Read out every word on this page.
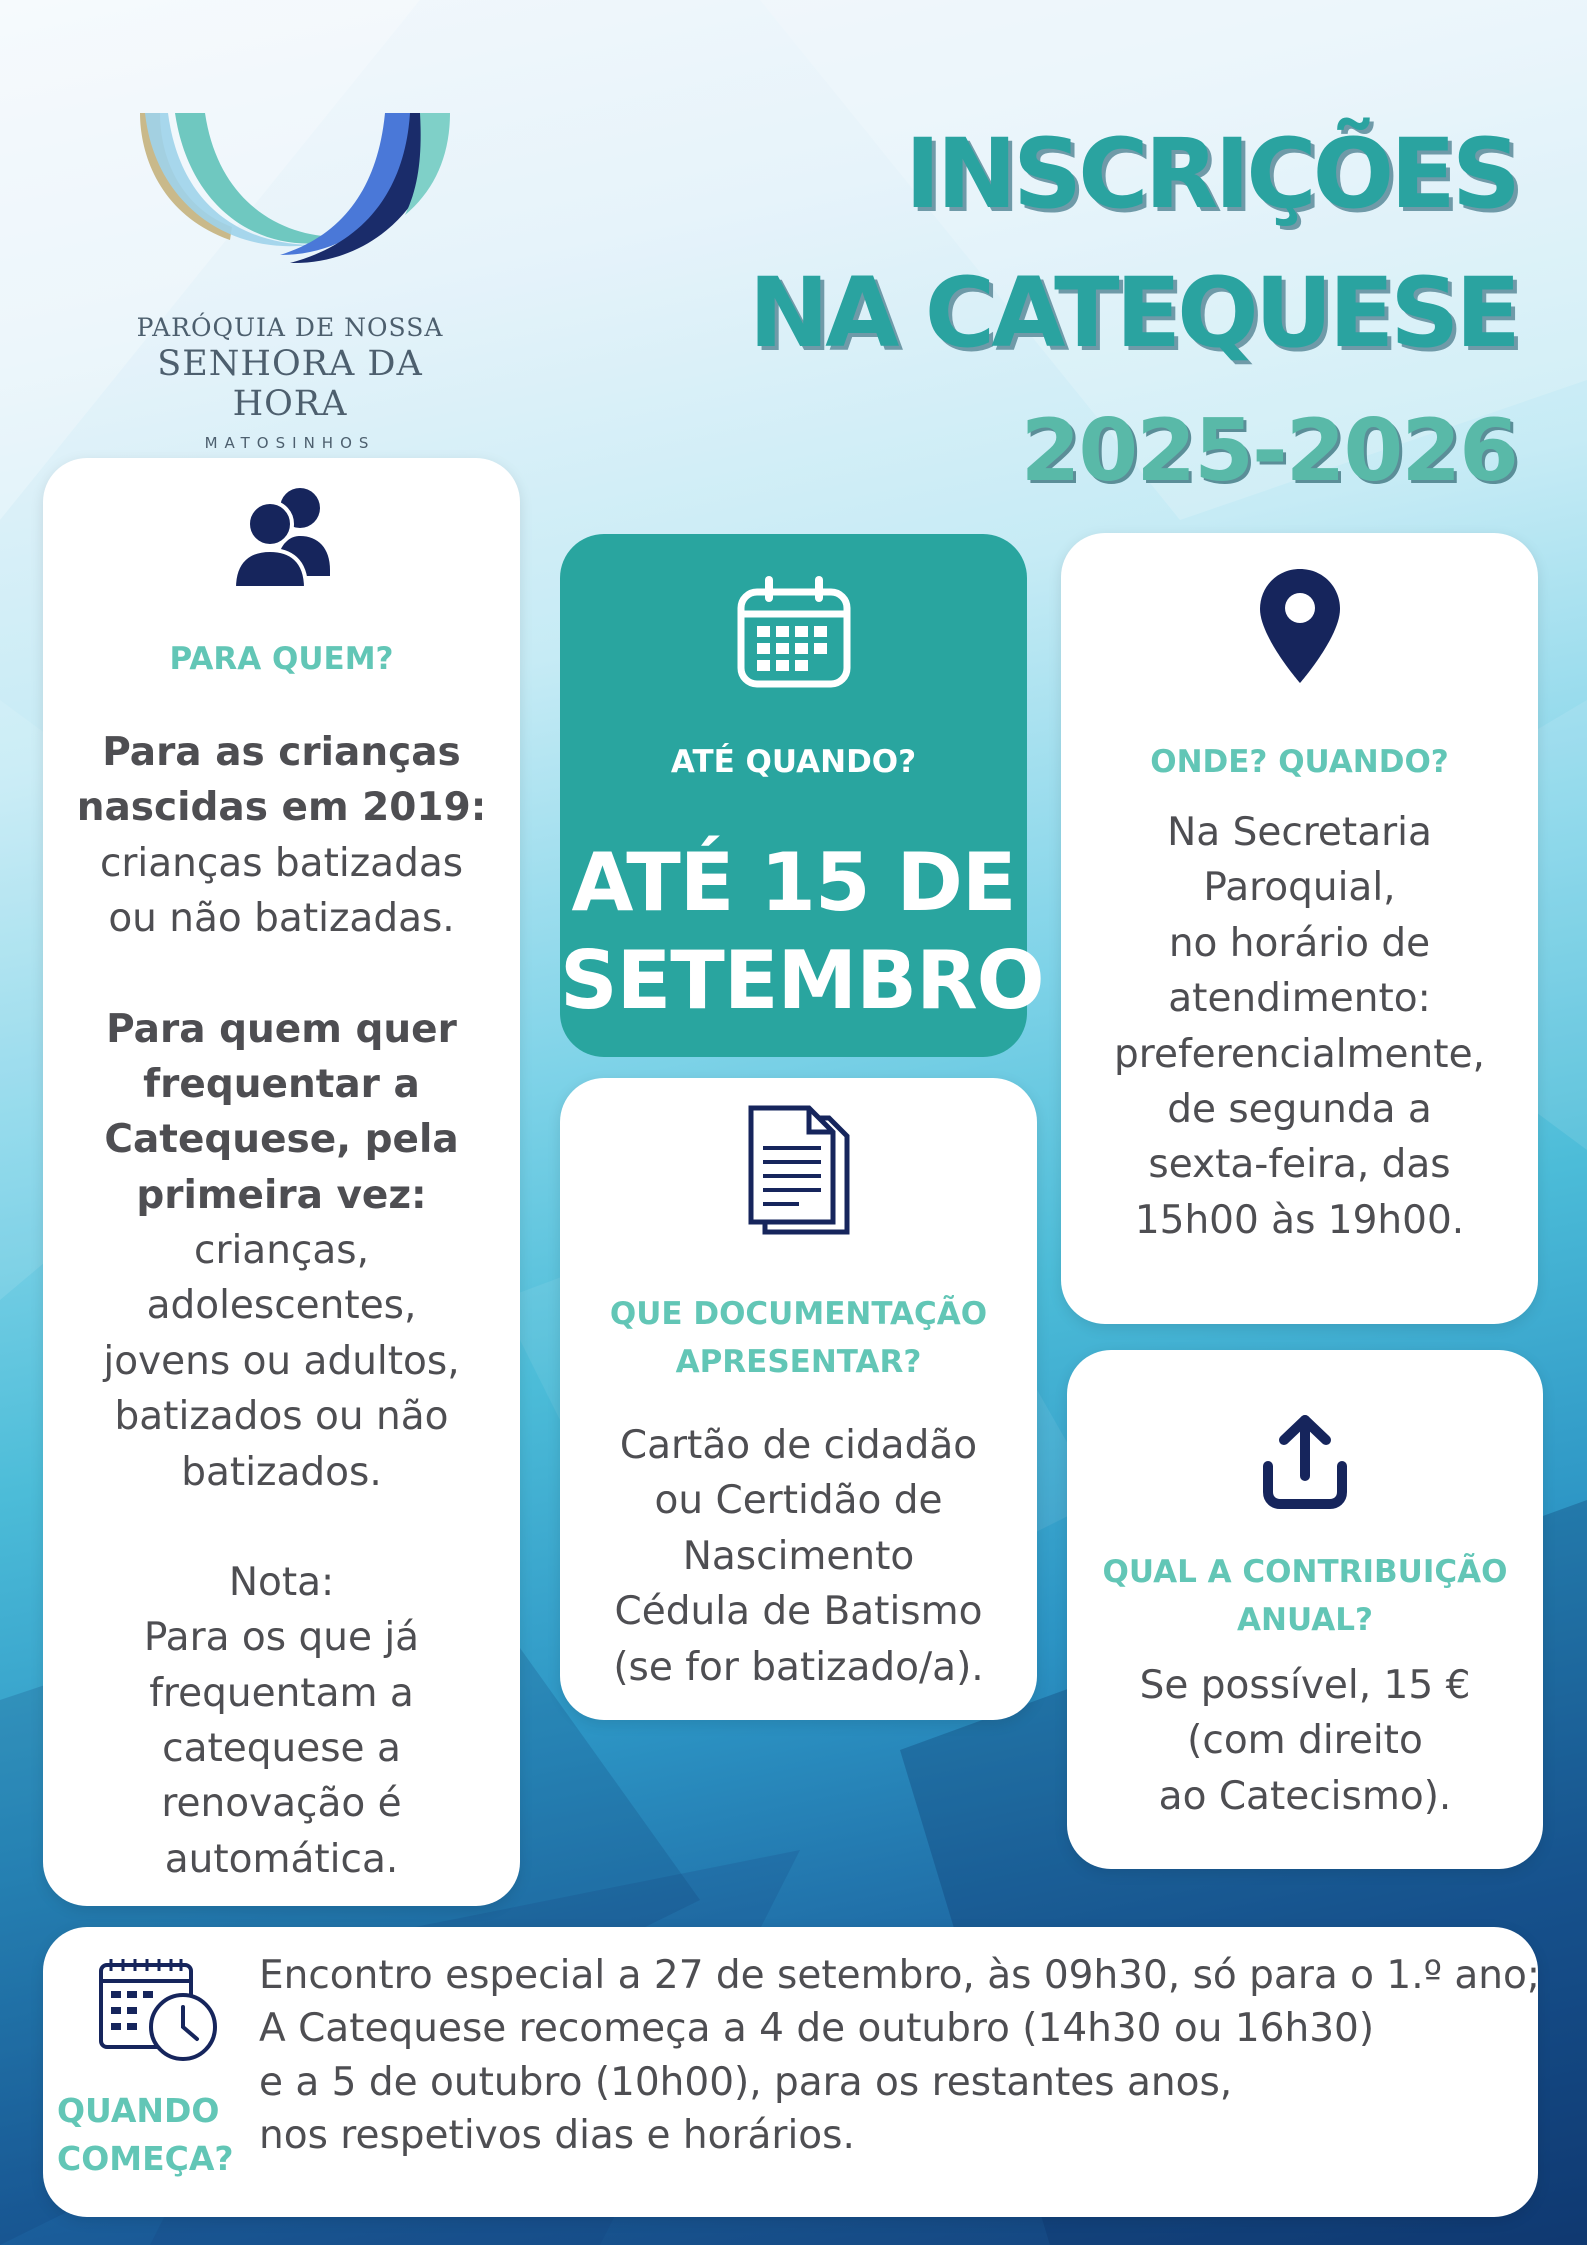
PARÓQUIA DE NOSSA
SENHORA DA HORA
MATOSINHOS
INSCRIÇÕES
NA CATEQUESE
2025-2026
PARA QUEM?
Para as crianças
nascidas em 2019:
crianças batizadas
ou não batizadas.
Para quem quer
frequentar a
Catequese, pela
primeira vez:
crianças,
adolescentes,
jovens ou adultos,
batizados ou não
batizados.
Nota:
Para os que já
frequentam a
catequese a
renovação é
automática.
ATÉ QUANDO?
ATÉ 15 DE
SETEMBRO
ONDE? QUANDO?
Na Secretaria
Paroquial,
no horário de
atendimento:
preferencialmente,
de segunda a
sexta-feira, das
15h00 às 19h00.
QUE DOCUMENTAÇÃO
APRESENTAR?
Cartão de cidadão
ou Certidão de
Nascimento
Cédula de Batismo
(se for batizado/a).
QUAL A CONTRIBUIÇÃO
ANUAL?
Se possível, 15 €
(com direito
ao Catecismo).
QUANDO
COMEÇA?
Encontro especial a 27 de setembro, às 09h30, só para o 1.º ano;
A Catequese recomeça a 4 de outubro (14h30 ou 16h30)
e a 5 de outubro (10h00), para os restantes anos,
nos respetivos dias e horários.
